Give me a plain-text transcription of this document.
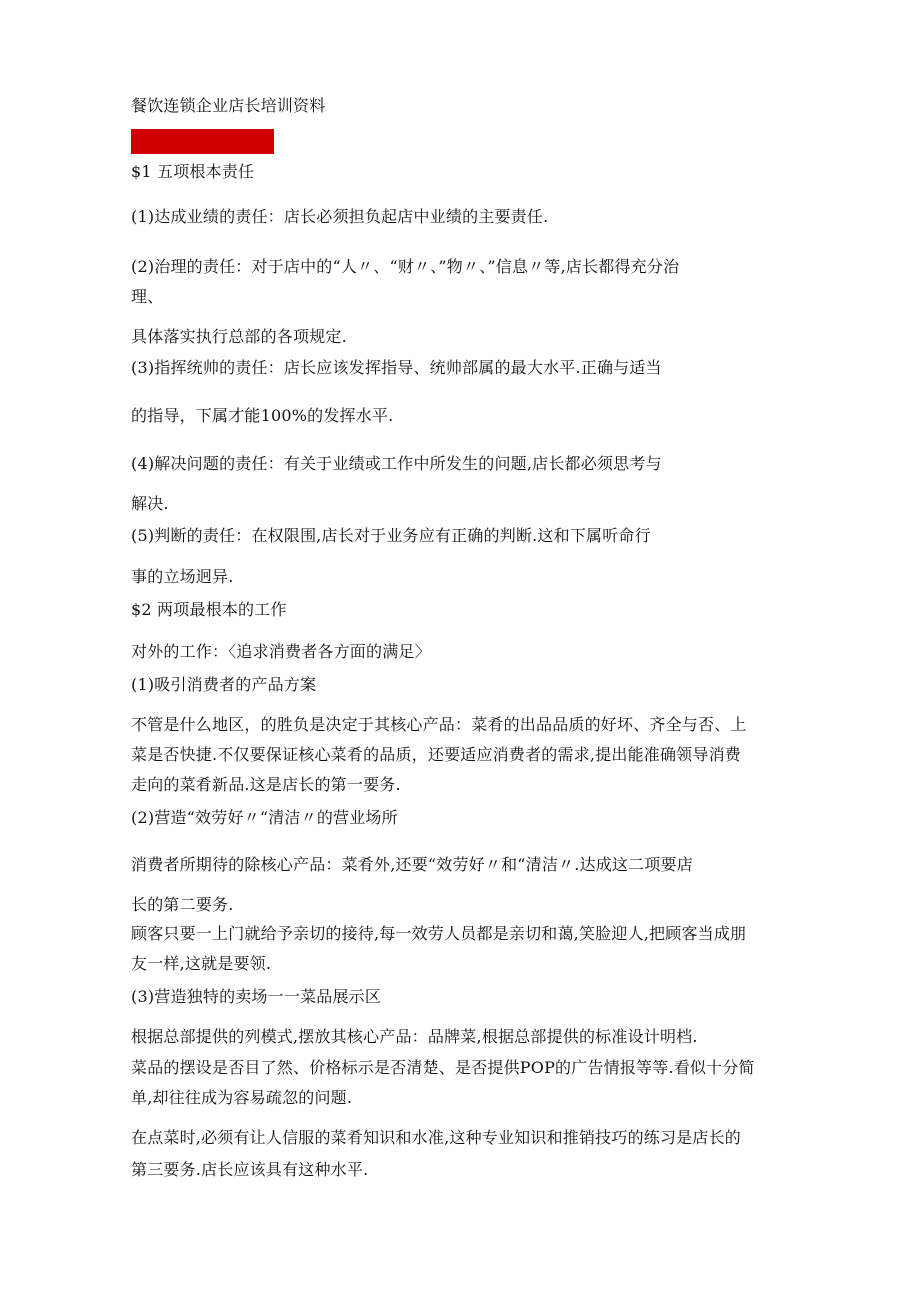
餐饮连锁企业店长培训资料
$1 五项根本责任
(1)达成业绩的责任：店长必须担负起店中业绩的主要责任.
(2)治理的责任：对于店中的“人〃、“财〃、”物〃、”信息〃等,店长都得充分治
理、
具体落实执行总部的各项规定.
(3)指挥统帅的责任：店长应该发挥指导、统帅部属的最大水平.正确与适当
的指导，下属才能100%的发挥水平.
(4)解决问题的责任：有关于业绩或工作中所发生的问题,店长都必须思考与
解决.
(5)判断的责任：在权限围,店长对于业务应有正确的判断.这和下属听命行
事的立场迥异.
$2 两项最根本的工作
对外的工作：〈追求消费者各方面的满足〉
(1)吸引消费者的产品方案
不管是什么地区，的胜负是决定于其核心产品：菜肴的出品品质的好坏、齐全与否、上
菜是否快捷.不仅要保证核心菜肴的品质，还要适应消费者的需求,提出能准确领导消费
走向的菜肴新品.这是店长的第一要务.
(2)营造“效劳好〃“清洁〃的营业场所
消费者所期待的除核心产品：菜肴外,还要“效劳好〃和“清洁〃.达成这二项要店
长的第二要务.
顾客只要一上门就给予亲切的接待,每一效劳人员都是亲切和蔼,笑脸迎人,把顾客当成朋
友一样,这就是要领.
(3)营造独特的卖场一一菜品展示区
根据总部提供的列模式,摆放其核心产品：品牌菜,根据总部提供的标准设计明档.
菜品的摆设是否目了然、价格标示是否清楚、是否提供POP的广告情报等等.看似十分简
单,却往往成为容易疏忽的问题.
在点菜时,必须有让人信服的菜肴知识和水准,这种专业知识和推销技巧的练习是店长的
第三要务.店长应该具有这种水平.
